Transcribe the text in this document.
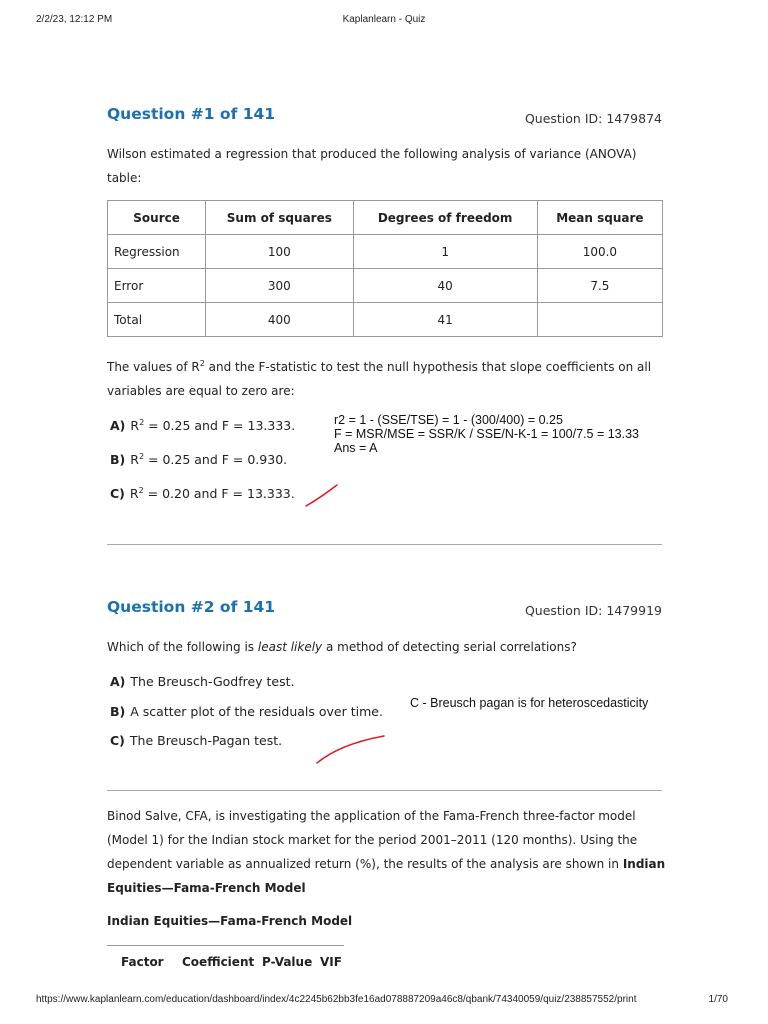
2/2/23, 12:12 PM	Kaplanlearn - Quiz
Question #1 of 141	Question ID: 1479874
Wilson estimated a regression that produced the following analysis of variance (ANOVA) table:
Source	Sum of squares	Degrees of freedom	Mean square
Regression	100	1	100.0
Error	300	40	7.5
Total	400	41	
The values of $R^2$ and the F-statistic to test the null hypothesis that slope coefficients on all variables are equal to zero are:
A) $R^2 = 0.25$ and F = 13.333.
B) $R^2 = 0.25$ and F = 0.930.
C) $R^2 = 0.20$ and F = 13.333.
r2 = 1 - (SSE/TSE) = 1 - (300/400) = 0.25
F = MSR/MSE = SSR/K / SSE/N-K-1 = 100/7.5 = 13.33
Ans = A
Question #2 of 141	Question ID: 1479919
Which of the following is least likely a method of detecting serial correlations?
A) The Breusch-Godfrey test.
B) A scatter plot of the residuals over time.
C) The Breusch-Pagan test.
C - Breusch pagan is for heteroscedasticity
Binod Salve, CFA, is investigating the application of the Fama-French three-factor model (Model 1) for the Indian stock market for the period 2001–2011 (120 months). Using the dependent variable as annualized return (%), the results of the analysis are shown in Indian Equities—Fama-French Model
Indian Equities—Fama-French Model
Factor Coefficient P-Value VIF
https://www.kaplanlearn.com/education/dashboard/index/4c2245b62bb3fe16ad078887209a46c8/qbank/74340059/quiz/238857552/print	1/70
